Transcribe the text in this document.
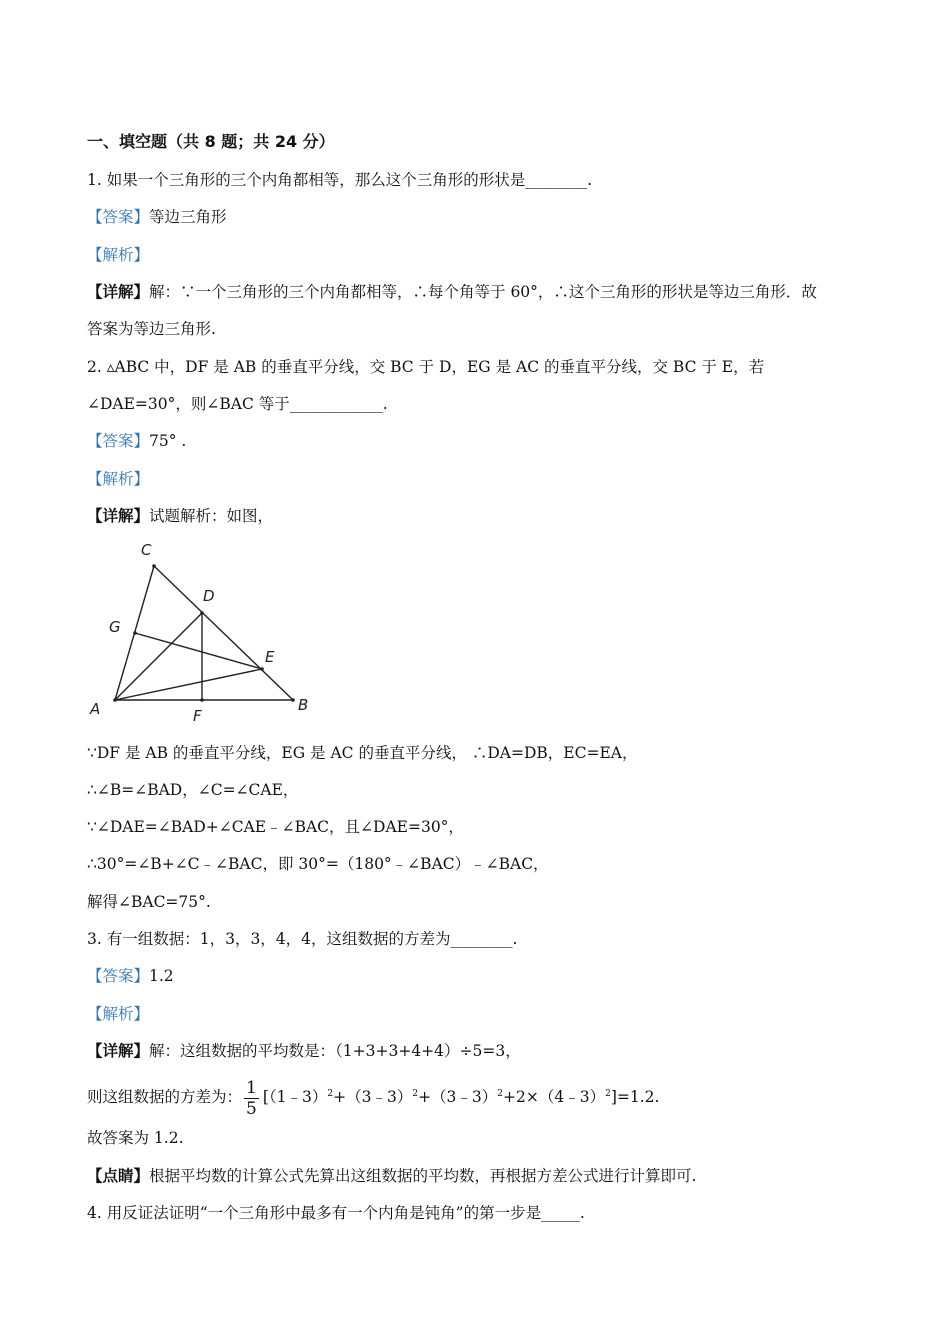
一、填空题（共 8 题；共 24 分）
1. 如果一个三角形的三个内角都相等，那么这个三角形的形状是________.
【答案】等边三角形
【解析】
【详解】解：∵一个三角形的三个内角都相等，∴每个角等于 60°，∴这个三角形的形状是等边三角形．故
答案为等边三角形.
2. ▵ABC 中，DF 是 AB 的垂直平分线，交 BC 于 D，EG 是 AC 的垂直平分线，交 BC 于 E，若
∠DAE=30°，则∠BAC 等于____________.
【答案】75° .
【解析】
【详解】试题解析：如图，
C
D
G
E
A	F
B
∵DF 是 AB 的垂直平分线，EG 是 AC 的垂直平分线， ∴DA=DB，EC=EA，
∴∠B=∠BAD，∠C=∠CAE，
∵∠DAE=∠BAD+∠CAE﹣∠BAC，且∠DAE=30°，
∴30°=∠B+∠C﹣∠BAC，即 30°=（180°﹣∠BAC）﹣∠BAC，
解得∠BAC=75°.
3. 有一组数据：1，3，3，4，4，这组数据的方差为________.
【答案】1.2
【解析】
【详解】解：这组数据的平均数是：（1+3+3+4+4）÷5=3，
则这组数据的方差为： $\frac{1}{5}$ [（1﹣3）$^2$+（3﹣3）$^2$+（3﹣3）$^2$+2×（4﹣3）$^2$]=1.2.
故答案为 1.2.
【点睛】根据平均数的计算公式先算出这组数据的平均数，再根据方差公式进行计算即可.
4. 用反证法证明“一个三角形中最多有一个内角是钝角”的第一步是_____.
